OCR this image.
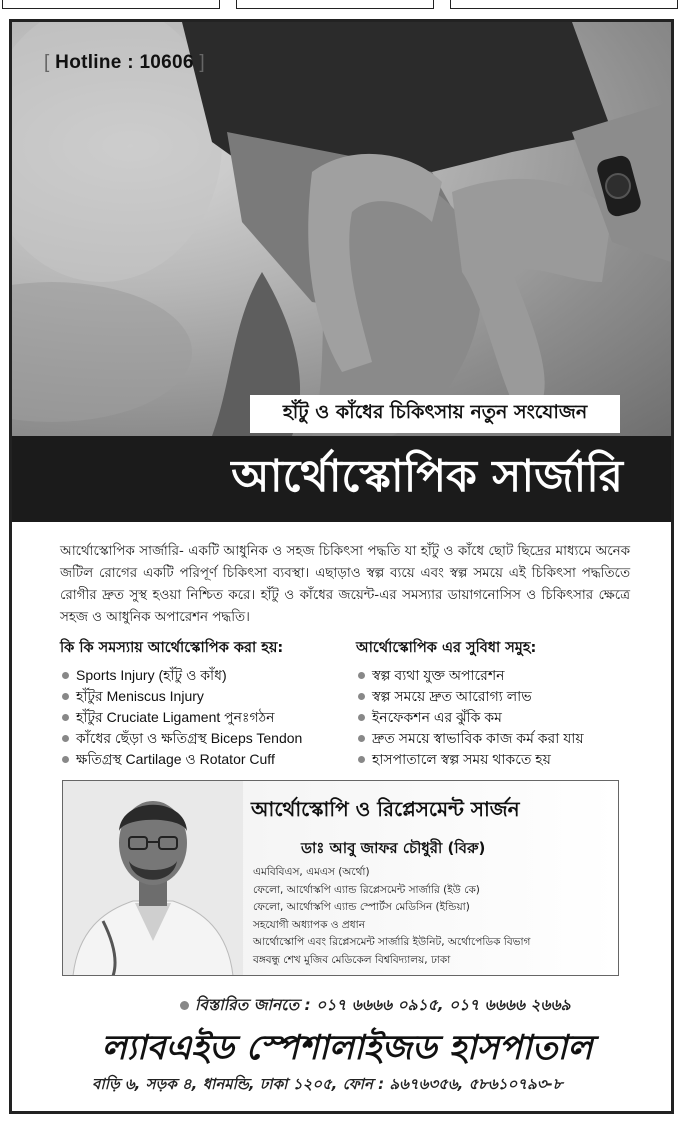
[ Hotline : 10606 ]
হাঁটু ও কাঁধের চিকিৎসায় নতুন সংযোজন
আর্থোস্কোপিক সার্জারি
আর্থোস্কোপিক সার্জারি- একটি আধুনিক ও সহজ চিকিৎসা পদ্ধতি যা হাঁটু ও কাঁধে ছোট ছিদ্রের মাধ্যমে অনেক জটিল রোগের একটি পরিপূর্ণ চিকিৎসা ব্যবস্থা। এছাড়াও স্বল্প ব্যয়ে এবং স্বল্প সময়ে এই চিকিৎসা পদ্ধতিতে রোগীর দ্রুত সুস্থ হওয়া নিশ্চিত করে। হাঁটু ও কাঁধের জয়েন্ট-এর সমস্যার ডায়াগনোসিস ও চিকিৎসার ক্ষেত্রে সহজ ও আধুনিক অপারেশন পদ্ধতি।
কি কি সমস্যায় আর্থোস্কোপিক করা হয়:
Sports Injury (হাঁটু ও কাঁধ)
হাঁটুর Meniscus Injury
হাঁটুর Cruciate Ligament পুনঃগঠন
কাঁধের ছেঁড়া ও ক্ষতিগ্রস্থ Biceps Tendon
ক্ষতিগ্রস্থ Cartilage ও Rotator Cuff
আর্থোস্কোপিক এর সুবিধা সমুহ:
স্বল্প ব্যথা যুক্ত অপারেশন
স্বল্প সময়ে দ্রুত আরোগ্য লাভ
ইনফেকশন এর ঝুঁকি কম
দ্রুত সময়ে স্বাভাবিক কাজ কর্ম করা যায়
হাসপাতালে স্বল্প সময় থাকতে হয়
আর্থোস্কোপি ও রিপ্লেসমেন্ট সার্জন
ডাঃ আবু জাফর চৌধুরী (বিরু)
এমবিবিএস, এমএস (অর্থো)
ফেলো, আর্থোস্কপি এ্যান্ড রিপ্লেসমেন্ট সার্জারি (ইউ কে)
ফেলো, আর্থোস্কপি এ্যান্ড স্পোর্টস মেডিসিন (ইন্ডিয়া)
সহযোগী অধ্যাপক ও প্রধান
আর্থোস্কোপি এবং রিপ্লেসমেন্ট সার্জারি ইউনিট, অর্থোপেডিক বিভাগ
বঙ্গবন্ধু শেখ মুজিব মেডিকেল বিশ্ববিদ্যালয়, ঢাকা
বিস্তারিত জানতে : ০১৭ ৬৬৬৬ ০৯১৫, ০১৭ ৬৬৬৬ ২৬৬৯
ল্যাবএইড স্পেশালাইজড হাসপাতাল
বাড়ি ৬, সড়ক ৪, ধানমন্ডি, ঢাকা ১২০৫, ফোন : ৯৬৭৬৩৫৬, ৫৮৬১০৭৯৩-৮
